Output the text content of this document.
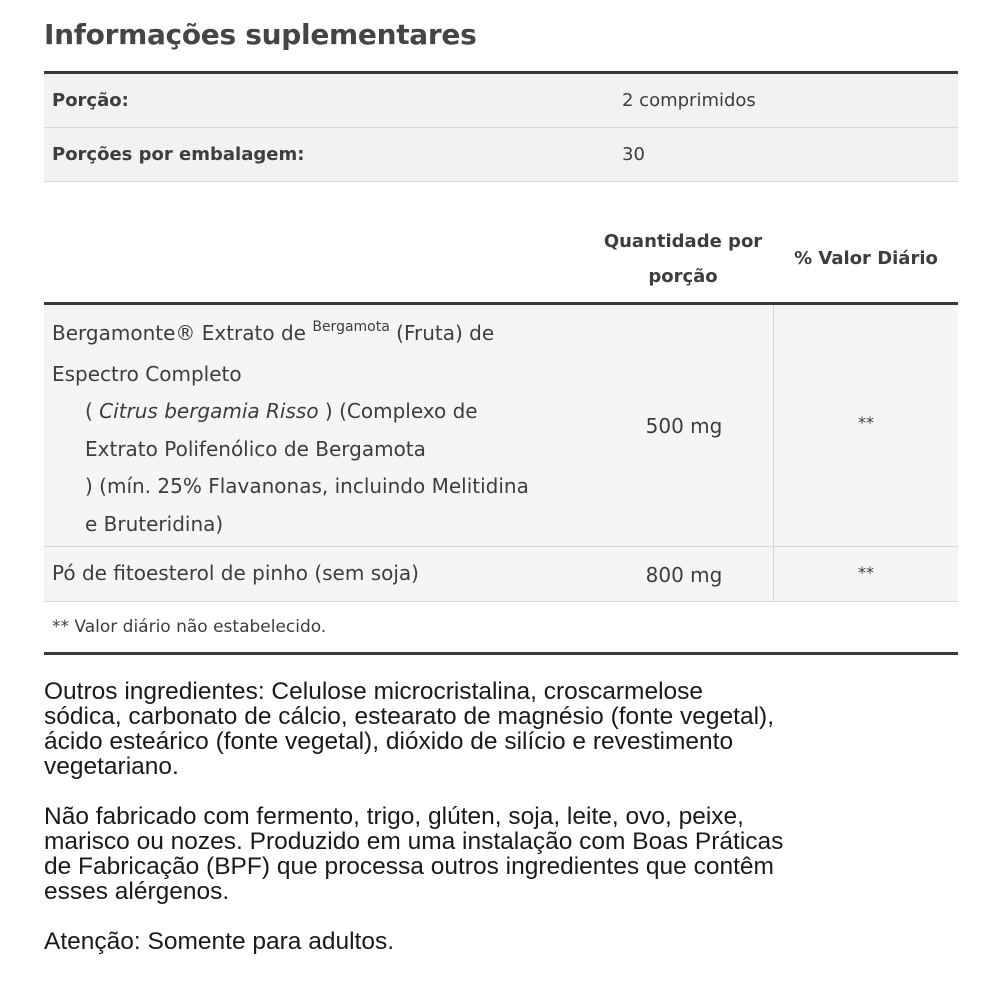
Informações suplementares
Porção:	2 comprimidos
Porções por embalagem:	30
Quantidade por
porção
% Valor Diário
Bergamonte® Extrato de $^{Bergamota}$ (Fruta) de
Espectro Completo
( Citrus bergamia Risso ) (Complexo de
Extrato Polifenólico de Bergamota
) (mín. 25% Flavanonas, incluindo Melitidina
e Bruteridina)
500 mg	**
Pó de fitoesterol de pinho (sem soja)	800 mg	**
** Valor diário não estabelecido.
Outros ingredientes: Celulose microcristalina, croscarmelose
sódica, carbonato de cálcio, estearato de magnésio (fonte vegetal),
ácido esteárico (fonte vegetal), dióxido de silício e revestimento
vegetariano.
Não fabricado com fermento, trigo, glúten, soja, leite, ovo, peixe,
marisco ou nozes. Produzido em uma instalação com Boas Práticas
de Fabricação (BPF) que processa outros ingredientes que contêm
esses alérgenos.
Atenção: Somente para adultos.
